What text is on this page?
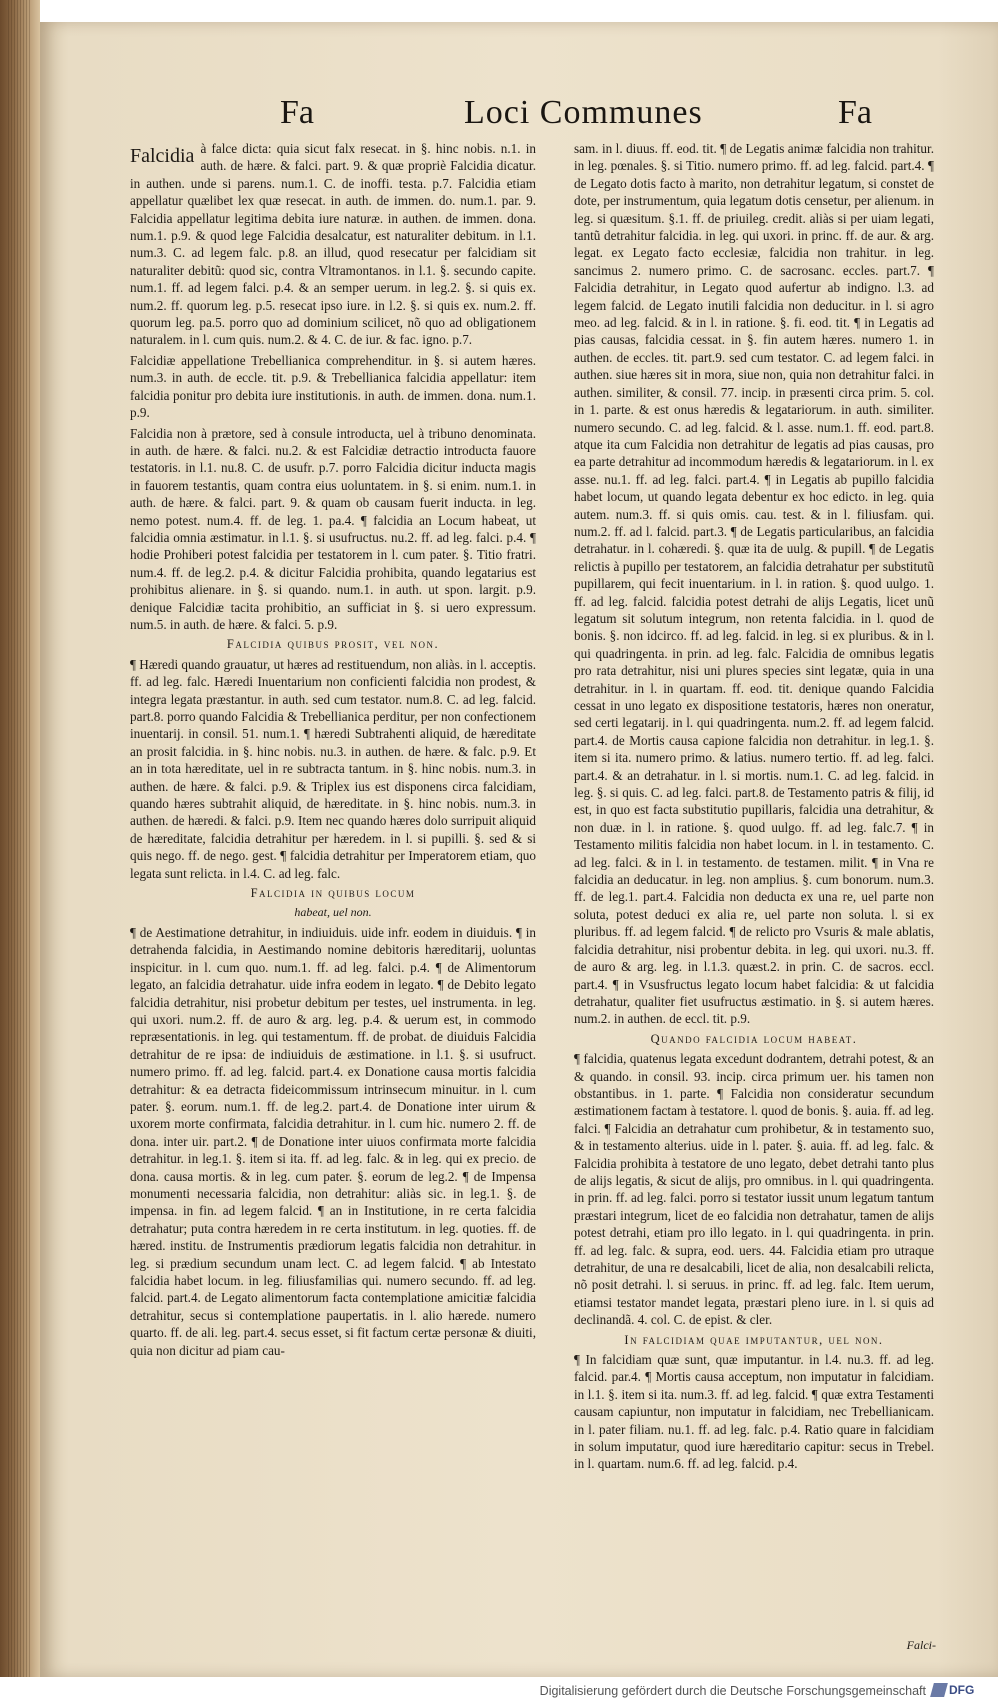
Fa	Loci Communes	Fa

Falcidia à falce dicta: quia sicut falx resecat. in §. hinc nobis. n.1. in auth. de hære. & falci. part. 9. & quæ propriè Falcidia dicatur. in authen. unde si parens. num.1. C. de inoffi. testa. p.7. Falcidia etiam appellatur quælibet lex quæ resecat. in auth. de immen. do. num.1. par. 9. Falcidia appellatur legitima debita iure naturæ. in authen. de immen. dona. num.1. p.9. & quod lege Falcidia desalcatur, est naturaliter debitum. in l.1. num.3. C. ad legem falc. p.8. an illud, quod resecatur per falcidiam sit naturaliter debitũ: quod sic, contra Vltramontanos. in l.1. §. secundo capite. num.1. ff. ad legem falci. p.4. & an semper uerum. in leg.2. §. si quis ex. num.2. ff. quorum leg. p.5. resecat ipso iure. in l.2. §. si quis ex. num.2. ff. quorum leg. pa.5. porro quo ad dominium scilicet, nõ quo ad obligationem naturalem. in l. cum quis. num.2. & 4. C. de iur. & fac. igno. p.7.

Falcidiæ appellatione Trebellianica comprehenditur. in §. si autem hæres. num.3. in auth. de eccle. tit. p.9. & Trebellianica falcidia appellatur: item falcidia ponitur pro debita iure institutionis. in auth. de immen. dona. num.1. p.9.

Falcidia non à prætore, sed à consule introducta, uel à tribuno denominata. in auth. de hære. & falci. nu.2. & est Falcidiæ detractio introducta fauore testatoris. in l.1. nu.8. C. de usufr. p.7. porro Falcidia dicitur inducta magis in fauorem testantis, quam contra eius uoluntatem. in §. si enim. num.1. in auth. de hære. & falci. part. 9. & quam ob causam fuerit inducta. in leg. nemo potest. num.4. ff. de leg. 1. pa.4. ¶ falcidia an Locum habeat, ut falcidia omnia æstimatur. in l.1. §. si usufructus. nu.2. ff. ad leg. falci. p.4. ¶ hodie Prohiberi potest falcidia per testatorem in l. cum pater. §. Titio fratri. num.4. ff. de leg.2. p.4. & dicitur Falcidia prohibita, quando legatarius est prohibitus alienare. in §. si quando. num.1. in auth. ut spon. largit. p.9. denique Falcidiæ tacita prohibitio, an sufficiat in §. si uero expressum. num.5. in auth. de hære. & falci. 5. p.9.

Falcidia quibus prosit, vel non.

¶ Hæredi quando grauatur, ut hæres ad restituendum, non aliàs. in l. acceptis. ff. ad leg. falc. Hæredi Inuentarium non conficienti falcidia non prodest, & integra legata præstantur. in auth. sed cum testator. num.8. C. ad leg. falcid. part.8. porro quando Falcidia & Trebellianica perditur, per non confectionem inuentarij. in consil. 51. num.1. ¶ hæredi Subtrahenti aliquid, de hæreditate an prosit falcidia. in §. hinc nobis. nu.3. in authen. de hære. & falc. p.9. Et an in tota hæreditate, uel in re subtracta tantum. in §. hinc nobis. num.3. in authen. de hære. & falci. p.9. & Triplex ius est disponens circa falcidiam, quando hæres subtrahit aliquid, de hæreditate. in §. hinc nobis. num.3. in authen. de hæredi. & falci. p.9. Item nec quando hæres dolo surripuit aliquid de hæreditate, falcidia detrahitur per hæredem. in l. si pupilli. §. sed & si quis nego. ff. de nego. gest. ¶ falcidia detrahitur per Imperatorem etiam, quo legata sunt relicta. in l.4. C. ad leg. falc.

Falcidia in quibus locum
habeat, uel non.

¶ de Aestimatione detrahitur, in indiuiduis. uide infr. eodem in diuiduis. ¶ in detrahenda falcidia, in Aestimando nomine debitoris hæreditarij, uoluntas inspicitur. in l. cum quo. num.1. ff. ad leg. falci. p.4. ¶ de Alimentorum legato, an falcidia detrahatur. uide infra eodem in legato. ¶ de Debito legato falcidia detrahitur, nisi probetur debitum per testes, uel instrumenta. in leg. qui uxori. num.2. ff. de auro & arg. leg. p.4. & uerum est, in commodo repræsentationis. in leg. qui testamentum. ff. de probat. de diuiduis Falcidia detrahitur de re ipsa: de indiuiduis de æstimatione. in l.1. §. si usufruct. numero primo. ff. ad leg. falcid. part.4. ex Donatione causa mortis falcidia detrahitur: & ea detracta fideicommissum intrinsecum minuitur. in l. cum pater. §. eorum. num.1. ff. de leg.2. part.4. de Donatione inter uirum & uxorem morte confirmata, falcidia detrahitur. in l. cum hic. numero 2. ff. de dona. inter uir. part.2. ¶ de Donatione inter uiuos confirmata morte falcidia detrahitur. in leg.1. §. item si ita. ff. ad leg. falc. & in leg. qui ex precio. de dona. causa mortis. & in leg. cum pater. §. eorum de leg.2. ¶ de Impensa monumenti necessaria falcidia, non detrahitur: aliàs sic. in leg.1. §. de impensa. in fin. ad legem falcid. ¶ an in Institutione, in re certa falcidia detrahatur; puta contra hæredem in re certa institutum. in leg. quoties. ff. de hæred. institu. de Instrumentis prædiorum legatis falcidia non detrahitur. in leg. si prædium secundum unam lect. C. ad legem falcid. ¶ ab Intestato falcidia habet locum. in leg. filiusfamilias qui. numero secundo. ff. ad leg. falcid. part.4. de Legato alimentorum facta contemplatione amicitiæ falcidia detrahitur, secus si contemplatione paupertatis. in l. alio hærede. numero quarto. ff. de ali. leg. part.4. secus esset, si fit factum certæ personæ & diuiti, quia non dicitur ad piam cau-

sam. in l. diuus. ff. eod. tit. ¶ de Legatis animæ falcidia non trahitur. in leg. pœnales. §. si Titio. numero primo. ff. ad leg. falcid. part.4. ¶ de Legato dotis facto à marito, non detrahitur legatum, si constet de dote, per instrumentum, quia legatum dotis censetur, per alienum. in leg. si quæsitum. §.1. ff. de priuileg. credit. aliàs si per uiam legati, tantũ detrahitur falcidia. in leg. qui uxori. in princ. ff. de aur. & arg. legat. ex Legato facto ecclesiæ, falcidia non trahitur. in leg. sancimus 2. numero primo. C. de sacrosanc. eccles. part.7. ¶ Falcidia detrahitur, in Legato quod aufertur ab indigno. l.3. ad legem falcid. de Legato inutili falcidia non deducitur. in l. si agro meo. ad leg. falcid. & in l. in ratione. §. fi. eod. tit. ¶ in Legatis ad pias causas, falcidia cessat. in §. fin autem hæres. numero 1. in authen. de eccles. tit. part.9. sed cum testator. C. ad legem falci. in authen. siue hæres sit in mora, siue non, quia non detrahitur falci. in authen. similiter, & consil. 77. incip. in præsenti circa prim. 5. col. in 1. parte. & est onus hæredis & legatariorum. in auth. similiter. numero secundo. C. ad leg. falcid. & l. asse. num.1. ff. eod. part.8. atque ita cum Falcidia non detrahitur de legatis ad pias causas, pro ea parte detrahitur ad incommodum hæredis & legatariorum. in l. ex asse. nu.1. ff. ad leg. falci. part.4. ¶ in Legatis ab pupillo falcidia habet locum, ut quando legata debentur ex hoc edicto. in leg. quia autem. num.3. ff. si quis omis. cau. test. & in l. filiusfam. qui. num.2. ff. ad l. falcid. part.3. ¶ de Legatis particularibus, an falcidia detrahatur. in l. cohæredi. §. quæ ita de uulg. & pupill. ¶ de Legatis relictis à pupillo per testatorem, an falcidia detrahatur per substitutũ pupillarem, qui fecit inuentarium. in l. in ration. §. quod uulgo. 1. ff. ad leg. falcid. falcidia potest detrahi de alijs Legatis, licet unũ legatum sit solutum integrum, non retenta falcidia. in l. quod de bonis. §. non idcirco. ff. ad leg. falcid. in leg. si ex pluribus. & in l. qui quadringenta. in prin. ad leg. falc. Falcidia de omnibus legatis pro rata detrahitur, nisi uni plures species sint legatæ, quia in una detrahitur. in l. in quartam. ff. eod. tit. denique quando Falcidia cessat in uno legato ex dispositione testatoris, hæres non oneratur, sed certi legatarij. in l. qui quadringenta. num.2. ff. ad legem falcid. part.4. de Mortis causa capione falcidia non detrahitur. in leg.1. §. item si ita. numero primo. & latius. numero tertio. ff. ad leg. falci. part.4. & an detrahatur. in l. si mortis. num.1. C. ad leg. falcid. in leg. §. si quis. C. ad leg. falci. part.8. de Testamento patris & filij, id est, in quo est facta substitutio pupillaris, falcidia una detrahitur, & non duæ. in l. in ratione. §. quod uulgo. ff. ad leg. falc.7. ¶ in Testamento militis falcidia non habet locum. in l. in testamento. C. ad leg. falci. & in l. in testamento. de testamen. milit. ¶ in Vna re falcidia an deducatur. in leg. non amplius. §. cum bonorum. num.3. ff. de leg.1. part.4. Falcidia non deducta ex una re, uel parte non soluta, potest deduci ex alia re, uel parte non soluta. l. si ex pluribus. ff. ad legem falcid. ¶ de relicto pro Vsuris & male ablatis, falcidia detrahitur, nisi probentur debita. in leg. qui uxori. nu.3. ff. de auro & arg. leg. in l.1.3. quæst.2. in prin. C. de sacros. eccl. part.4. ¶ in Vsusfructus legato locum habet falcidia: & ut falcidia detrahatur, qualiter fiet usufructus æstimatio. in §. si autem hæres. num.2. in authen. de eccl. tit. p.9.

Quando falcidia locum habeat.

¶ falcidia, quatenus legata excedunt dodrantem, detrahi potest, & an & quando. in consil. 93. incip. circa primum uer. his tamen non obstantibus. in 1. parte. ¶ Falcidia non consideratur secundum æstimationem factam à testatore. l. quod de bonis. §. auia. ff. ad leg. falci. ¶ Falcidia an detrahatur cum prohibetur, & in testamento suo, & in testamento alterius. uide in l. pater. §. auia. ff. ad leg. falc. & Falcidia prohibita à testatore de uno legato, debet detrahi tanto plus de alijs legatis, & sicut de alijs, pro omnibus. in l. qui quadringenta. in prin. ff. ad leg. falci. porro si testator iussit unum legatum tantum præstari integrum, licet de eo falcidia non detrahatur, tamen de alijs potest detrahi, etiam pro illo legato. in l. qui quadringenta. in prin. ff. ad leg. falc. & supra, eod. uers. 44. Falcidia etiam pro utraque detrahitur, de una re desalcabili, licet de alia, non desalcabili relicta, nõ posit detrahi. l. si seruus. in princ. ff. ad leg. falc. Item uerum, etiamsi testator mandet legata, præstari pleno iure. in l. si quis ad declinandã. 4. col. C. de epist. & cler.

In falcidiam quae imputantur, uel non.

¶ In falcidiam quæ sunt, quæ imputantur. in l.4. nu.3. ff. ad leg. falcid. par.4. ¶ Mortis causa acceptum, non imputatur in falcidiam. in l.1. §. item si ita. num.3. ff. ad leg. falcid. ¶ quæ extra Testamenti causam capiuntur, non imputatur in falcidiam, nec Trebellianicam. in l. pater filiam. nu.1. ff. ad leg. falc. p.4. Ratio quare in falcidiam in solum imputatur, quod iure hæreditario capitur: secus in Trebel. in l. quartam. num.6. ff. ad leg. falcid. p.4.

Falci-
Digitalisierung gefördert durch die Deutsche Forschungsgemeinschaft DFG
